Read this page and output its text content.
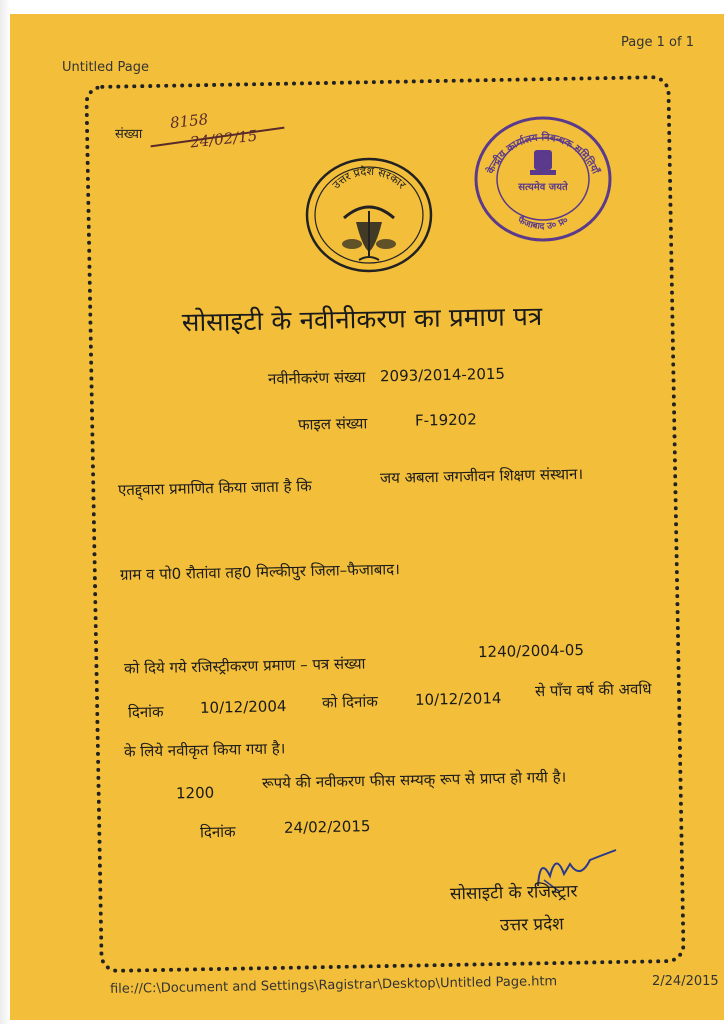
Untitled Page
Page 1 of 1
संख्या
8158
24/02/15
उत्तर प्रदेश सरकार
केन्द्रीय कार्यालय निबन्धक समितियाँ
सत्यमेव जयते
फैजाबाद उ० प्र०
सोसाइटी के नवीनीकरण का प्रमाण पत्र
नवीनीकरंण संख्या 2093/2014-2015
फाइल संख्या	F-19202
एतद्द्वारा प्रमाणित किया जाता है कि
जय अबला जगजीवन शिक्षण संस्थान।
ग्राम व पो0 रौतांवा तह0 मिल्कीपुर जिला–फैजाबाद।
को दिये गये रजिस्ट्रीकरण प्रमाण – पत्र संख्या
1240/2004-05
दिनांक 10/12/2004 को दिनांक 10/12/2014 से पाँच वर्ष की अवधि
के लिये नवीकृत किया गया है।
1200
रूपये की नवीकरण फीस सम्यक् रूप से प्राप्त हो गयी है।
दिनांक	24/02/2015
सोसाइटी के रजिस्ट्रार
उत्तर प्रदेश
file://C:\Document and Settings\Ragistrar\Desktop\Untitled Page.htm	2/24/2015
